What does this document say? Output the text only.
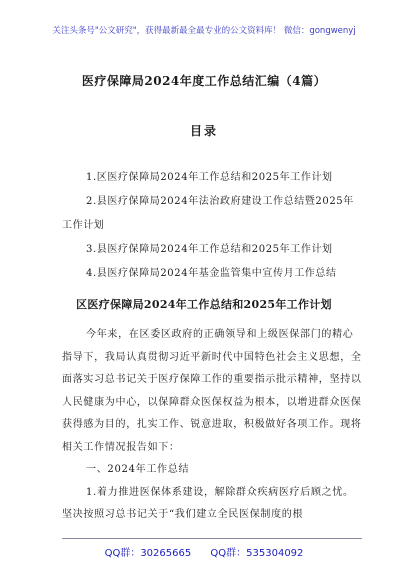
关注头条号"公文研究"，获得最新最全最专业的公文资料库！ 微信：gongwenyj
医疗保障局2024年度工作总结汇编（4篇）
目录
1.区医疗保障局2024年工作总结和2025年工作计划
2.县医疗保障局2024年法治政府建设工作总结暨2025年工作计划
3.县医疗保障局2024年工作总结和2025年工作计划
4.县医疗保障局2024年基金监管集中宣传月工作总结
区医疗保障局2024年工作总结和2025年工作计划

今年来，在区委区政府的正确领导和上级医保部门的精心指导下，我局认真贯彻习近平新时代中国特色社会主义思想，全面落实习总书记关于医疗保障工作的重要指示批示精神，坚持以人民健康为中心，以保障群众医保权益为根本，以增进群众医保获得感为目的，扎实工作、锐意进取，积极做好各项工作。现将相关工作情况报告如下：

一、2024年工作总结

1.着力推进医保体系建设，解除群众疾病医疗后顾之忧。坚决按照习总书记关于“我们建立全民医保制度的根

QQ群：30265665 QQ群：535304092
